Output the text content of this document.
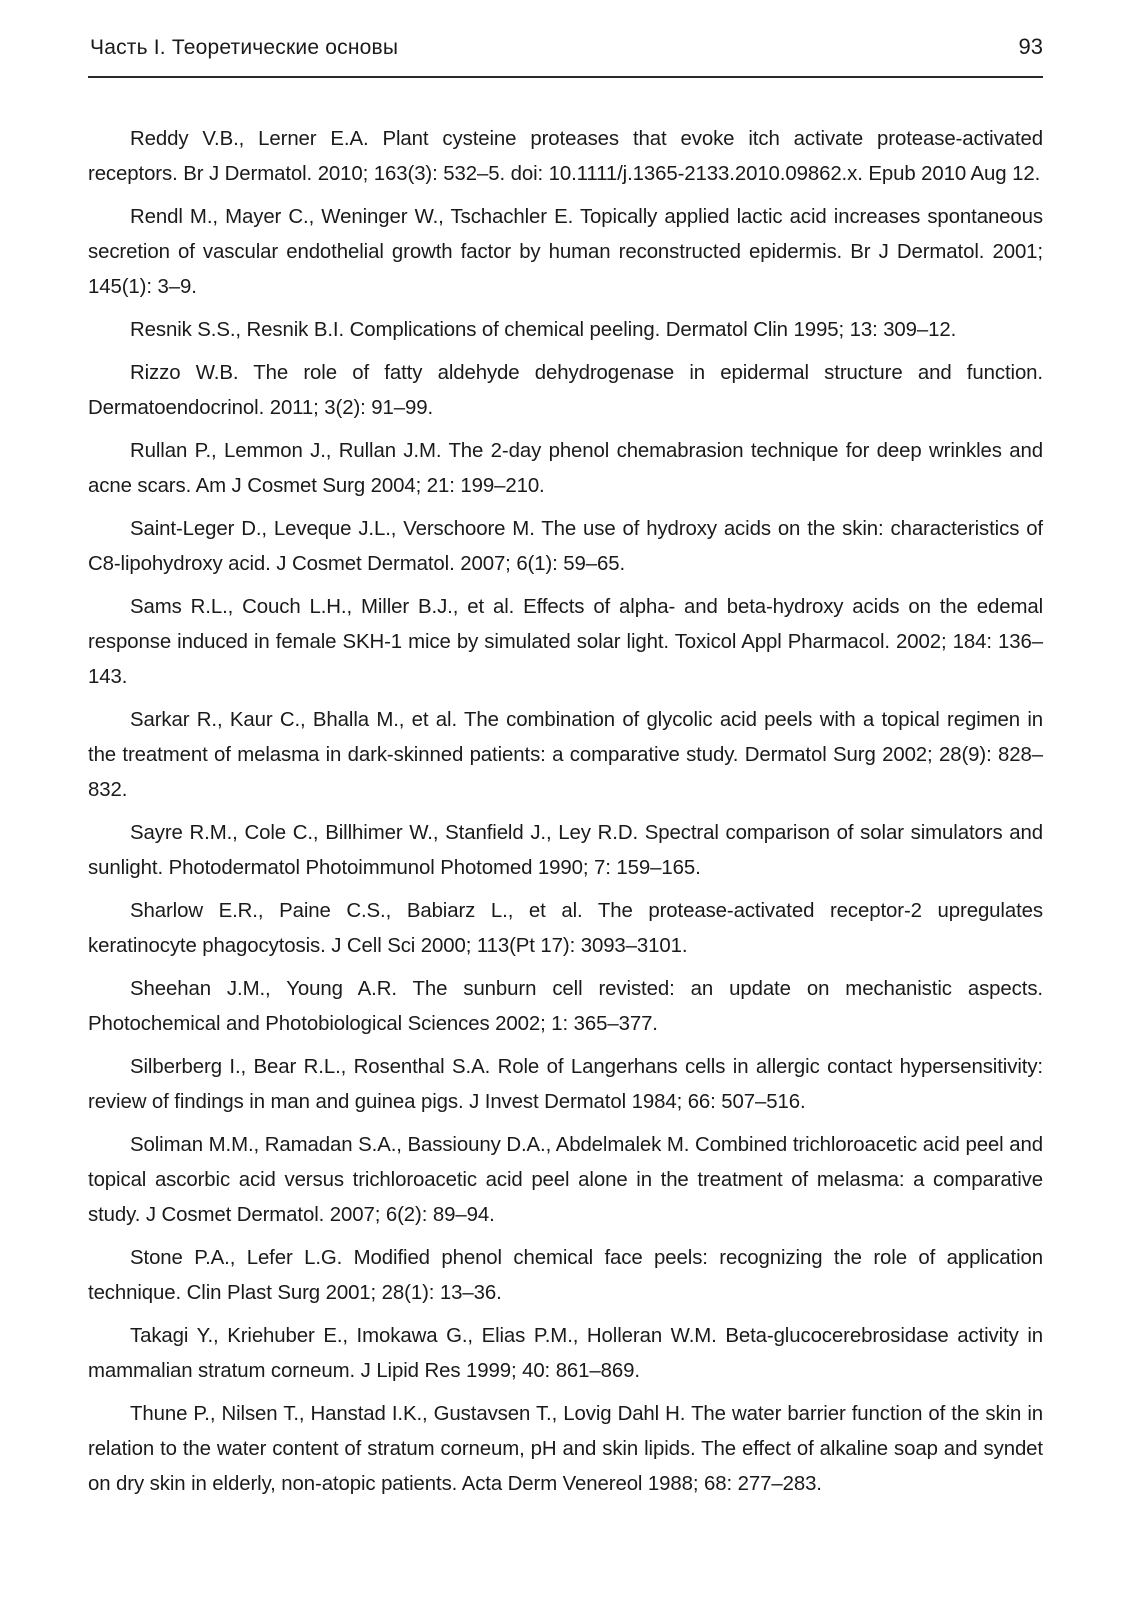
Часть I. Теоретические основы	93

Reddy V.B., Lerner E.A. Plant cysteine proteases that evoke itch activate protease-activated receptors. Br J Dermatol. 2010; 163(3): 532–5. doi: 10.1111/j.1365-2133.2010.09862.x. Epub 2010 Aug 12.

Rendl M., Mayer C., Weninger W., Tschachler E. Topically applied lactic acid increases spontaneous secretion of vascular endothelial growth factor by human reconstructed epidermis. Br J Dermatol. 2001; 145(1): 3–9.

Resnik S.S., Resnik B.I. Complications of chemical peeling. Dermatol Clin 1995; 13: 309–12.

Rizzo W.B. The role of fatty aldehyde dehydrogenase in epidermal structure and function. Dermatoendocrinol. 2011; 3(2): 91–99.

Rullan P., Lemmon J., Rullan J.M. The 2-day phenol chemabrasion technique for deep wrinkles and acne scars. Am J Cosmet Surg 2004; 21: 199–210.

Saint-Leger D., Leveque J.L., Verschoore M. The use of hydroxy acids on the skin: characteristics of C8-lipohydroxy acid. J Cosmet Dermatol. 2007; 6(1): 59–65.

Sams R.L., Couch L.H., Miller B.J., et al. Effects of alpha- and beta-hydroxy acids on the edemal response induced in female SKH-1 mice by simulated solar light. Toxicol Appl Pharmacol. 2002; 184: 136–143.

Sarkar R., Kaur C., Bhalla M., et al. The combination of glycolic acid peels with a topical regimen in the treatment of melasma in dark-skinned patients: a comparative study. Dermatol Surg 2002; 28(9): 828–832.

Sayre R.M., Cole C., Billhimer W., Stanfield J., Ley R.D. Spectral comparison of solar simulators and sunlight. Photodermatol Photoimmunol Photomed 1990; 7: 159–165.

Sharlow E.R., Paine C.S., Babiarz L., et al. The protease-activated receptor-2 upregulates keratinocyte phagocytosis. J Cell Sci 2000; 113(Pt 17): 3093–3101.

Sheehan J.M., Young A.R. The sunburn cell revisted: an update on mechanistic aspects. Photochemical and Photobiological Sciences 2002; 1: 365–377.

Silberberg I., Bear R.L., Rosenthal S.A. Role of Langerhans cells in allergic contact hypersensitivity: review of findings in man and guinea pigs. J Invest Dermatol 1984; 66: 507–516.

Soliman M.M., Ramadan S.A., Bassiouny D.A., Abdelmalek M. Combined trichloroacetic acid peel and topical ascorbic acid versus trichloroacetic acid peel alone in the treatment of melasma: a comparative study. J Cosmet Dermatol. 2007; 6(2): 89–94.

Stone P.A., Lefer L.G. Modified phenol chemical face peels: recognizing the role of application technique. Clin Plast Surg 2001; 28(1): 13–36.

Takagi Y., Kriehuber E., Imokawa G., Elias P.M., Holleran W.M. Beta-glucocerebrosidase activity in mammalian stratum corneum. J Lipid Res 1999; 40: 861–869.

Thune P., Nilsen T., Hanstad I.K., Gustavsen T., Lovig Dahl H. The water barrier function of the skin in relation to the water content of stratum corneum, pH and skin lipids. The effect of alkaline soap and syndet on dry skin in elderly, non-atopic patients. Acta Derm Venereol 1988; 68: 277–283.
